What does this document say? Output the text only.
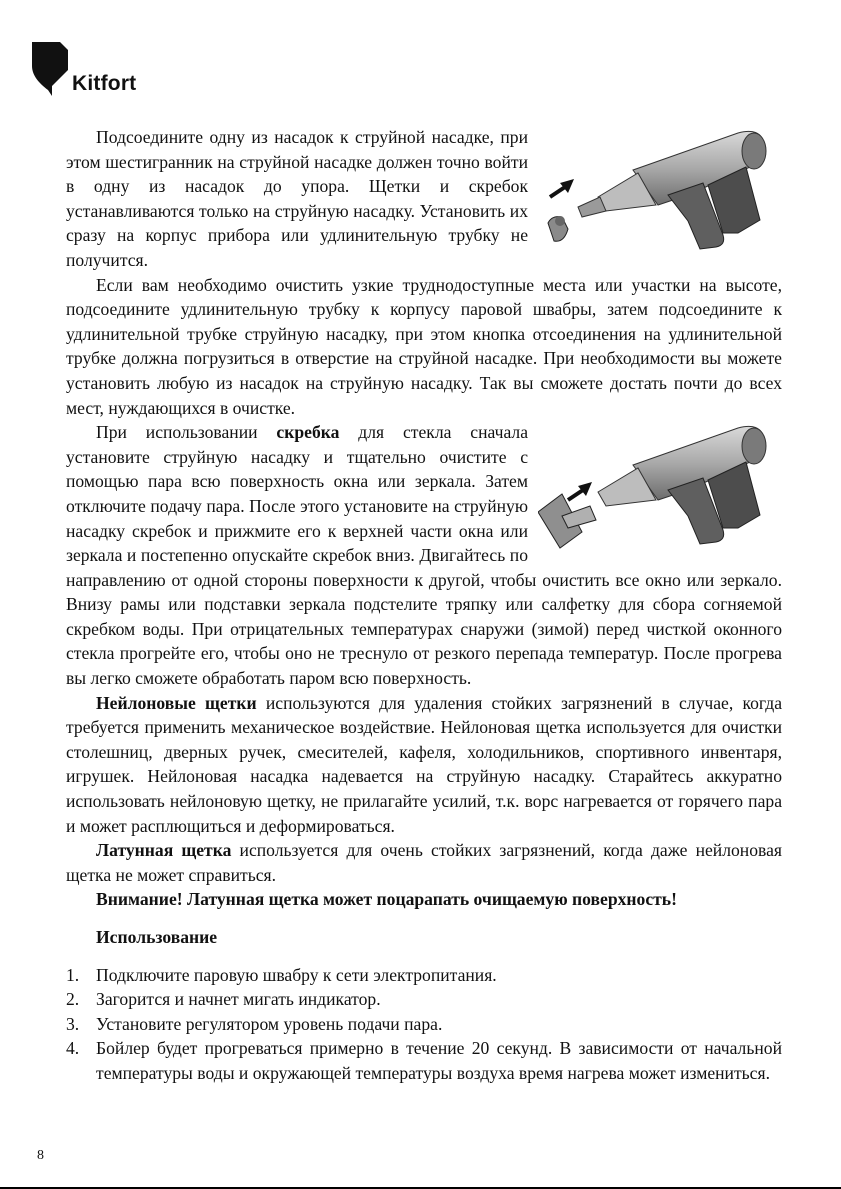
Kitfort

Подсоедините одну из насадок к струйной насадке, при этом шестигранник на струйной насадке должен точно войти в одну из насадок до упора. Щетки и скребок устанавливаются только на струйную насадку. Установить их сразу на корпус прибора или удлинительную трубку не получится.

Если вам необходимо очистить узкие труднодоступные места или участки на высоте, подсоедините удлинительную трубку к корпусу паровой швабры, затем подсоедините к удлинительной трубке струйную насадку, при этом кнопка отсоединения на удлинительной трубке должна погрузиться в отверстие на струйной насадке. При необходимости вы можете установить любую из насадок на струйную насадку. Так вы сможете достать почти до всех мест, нуждающихся в очистке.

При использовании скребка для стекла сначала установите струйную насадку и тщательно очистите с помощью пара всю поверхность окна или зеркала. Затем отключите подачу пара. После этого установите на струйную насадку скребок и прижмите его к верхней части окна или зеркала и постепенно опускайте скребок вниз. Двигайтесь по направлению от одной стороны поверхности к другой, чтобы очистить все окно или зеркало. Внизу рамы или подставки зеркала подстелите тряпку или салфетку для сбора согняемой скребком воды. При отрицательных температурах снаружи (зимой) перед чисткой оконного стекла прогрейте его, чтобы оно не треснуло от резкого перепада температур. После прогрева вы легко сможете обработать паром всю поверхность.

Нейлоновые щетки используются для удаления стойких загрязнений в случае, когда требуется применить механическое воздействие. Нейлоновая щетка используется для очистки столешниц, дверных ручек, смесителей, кафеля, холодильников, спортивного инвентаря, игрушек. Нейлоновая насадка надевается на струйную насадку. Старайтесь аккуратно использовать нейлоновую щетку, не прилагайте усилий, т.к. ворс нагревается от горячего пара и может расплющиться и деформироваться.

Латунная щетка используется для очень стойких загрязнений, когда даже нейлоновая щетка не может справиться.

Внимание! Латунная щетка может поцарапать очищаемую поверхность!

Использование

1. Подключите паровую швабру к сети электропитания.
2. Загорится и начнет мигать индикатор.
3. Установите регулятором уровень подачи пара.
4. Бойлер будет прогреваться примерно в течение 20 секунд. В зависимости от начальной температуры воды и окружающей температуры воздуха время нагрева может измениться.
8
